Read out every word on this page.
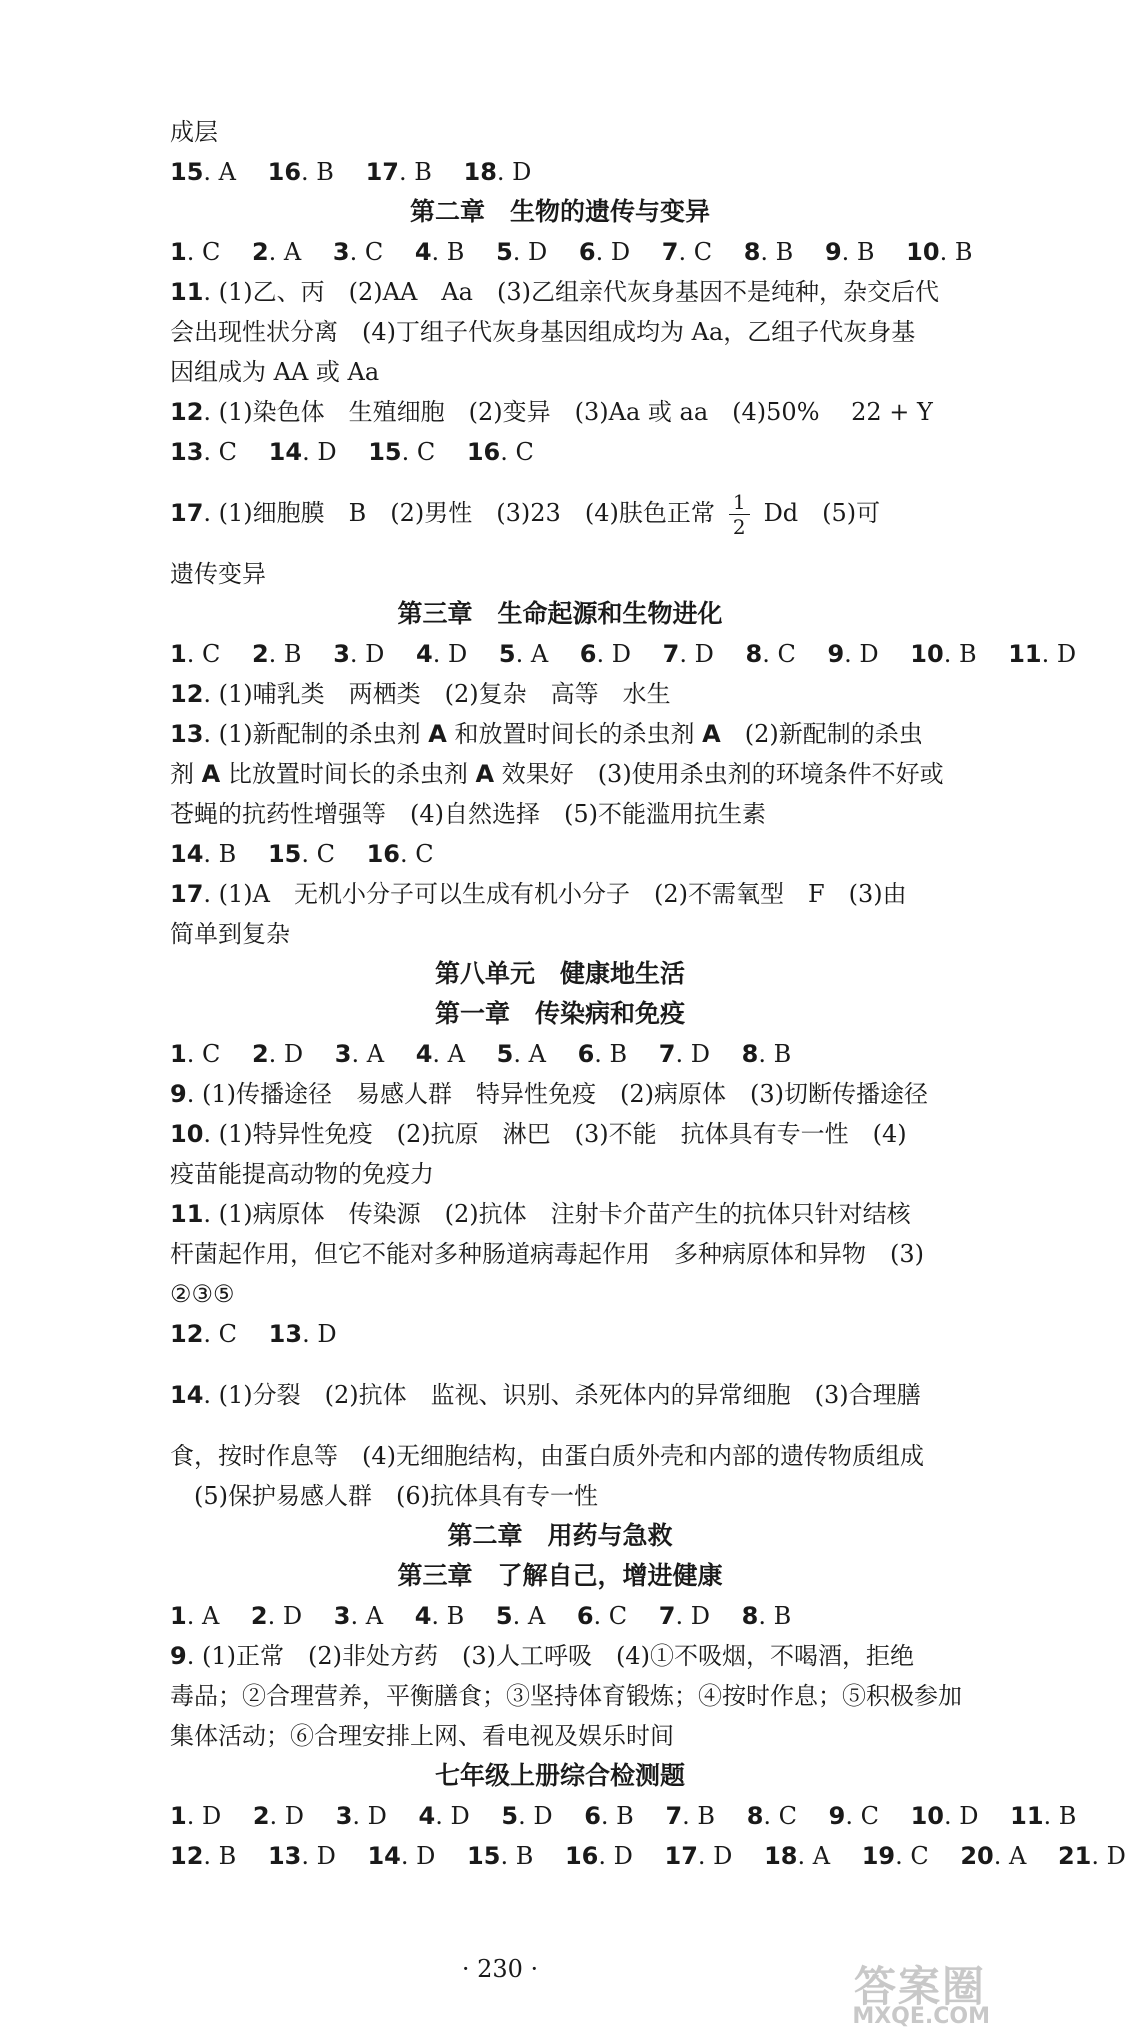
成层
15. A　 16. B　 17. B　 18. D
第二章　生物的遗传与变异
1. C　 2. A　 3. C　 4. B　 5. D　 6. D　 7. C　 8. B　 9. B　 10. B
11. (1)乙、丙　(2)AA　Aa　(3)乙组亲代灰身基因不是纯种，杂交后代
会出现性状分离　(4)丁组子代灰身基因组成均为 Aa，乙组子代灰身基
因组成为 AA 或 Aa
12. (1)染色体　生殖细胞　(2)变异　(3)Aa 或 aa　(4)50%　 22 + Y
13. C　 14. D　 15. C　 16. C
17. (1)细胞膜　B　(2)男性　(3)23　(4)肤色正常 $\frac{1}{2}$ Dd　(5)可
遗传变异
第三章　生命起源和生物进化
1. C　 2. B　 3. D　 4. D　 5. A　 6. D　 7. D　 8. C　 9. D　 10. B　 11. D
12. (1)哺乳类　两栖类　(2)复杂　高等　水生
13. (1)新配制的杀虫剂 A 和放置时间长的杀虫剂 A　(2)新配制的杀虫
剂 A 比放置时间长的杀虫剂 A 效果好　(3)使用杀虫剂的环境条件不好或
苍蝇的抗药性增强等　(4)自然选择　(5)不能滥用抗生素
14. B　 15. C　 16. C
17. (1)A　无机小分子可以生成有机小分子　(2)不需氧型　F　(3)由
简单到复杂
第八单元　健康地生活
第一章　传染病和免疫
1. C　 2. D　 3. A　 4. A　 5. A　 6. B　 7. D　 8. B
9. (1)传播途径　易感人群　特异性免疫　(2)病原体　(3)切断传播途径
10. (1)特异性免疫　(2)抗原　淋巴　(3)不能　抗体具有专一性　(4)
疫苗能提高动物的免疫力
11. (1)病原体　传染源　(2)抗体　注射卡介苗产生的抗体只针对结核
杆菌起作用，但它不能对多种肠道病毒起作用　多种病原体和异物　(3)
②③⑤
12. C　 13. D
14. (1)分裂　(2)抗体　监视、识别、杀死体内的异常细胞　(3)合理膳
食，按时作息等　(4)无细胞结构，由蛋白质外壳和内部的遗传物质组成
　(5)保护易感人群　(6)抗体具有专一性
第二章　用药与急救
第三章　了解自己，增进健康
1. A　 2. D　 3. A　 4. B　 5. A　 6. C　 7. D　 8. B
9. (1)正常　(2)非处方药　(3)人工呼吸　(4)①不吸烟，不喝酒，拒绝
毒品；②合理营养，平衡膳食；③坚持体育锻炼；④按时作息；⑤积极参加
集体活动；⑥合理安排上网、看电视及娱乐时间
七年级上册综合检测题
1. D　 2. D　 3. D　 4. D　 5. D　 6. B　 7. B　 8. C　 9. C　 10. D　 11. B
12. B　 13. D　 14. D　 15. B　 16. D　 17. D　 18. A　 19. C　 20. A　 21. D
· 230 ·	答案圈
MXQE.COM
